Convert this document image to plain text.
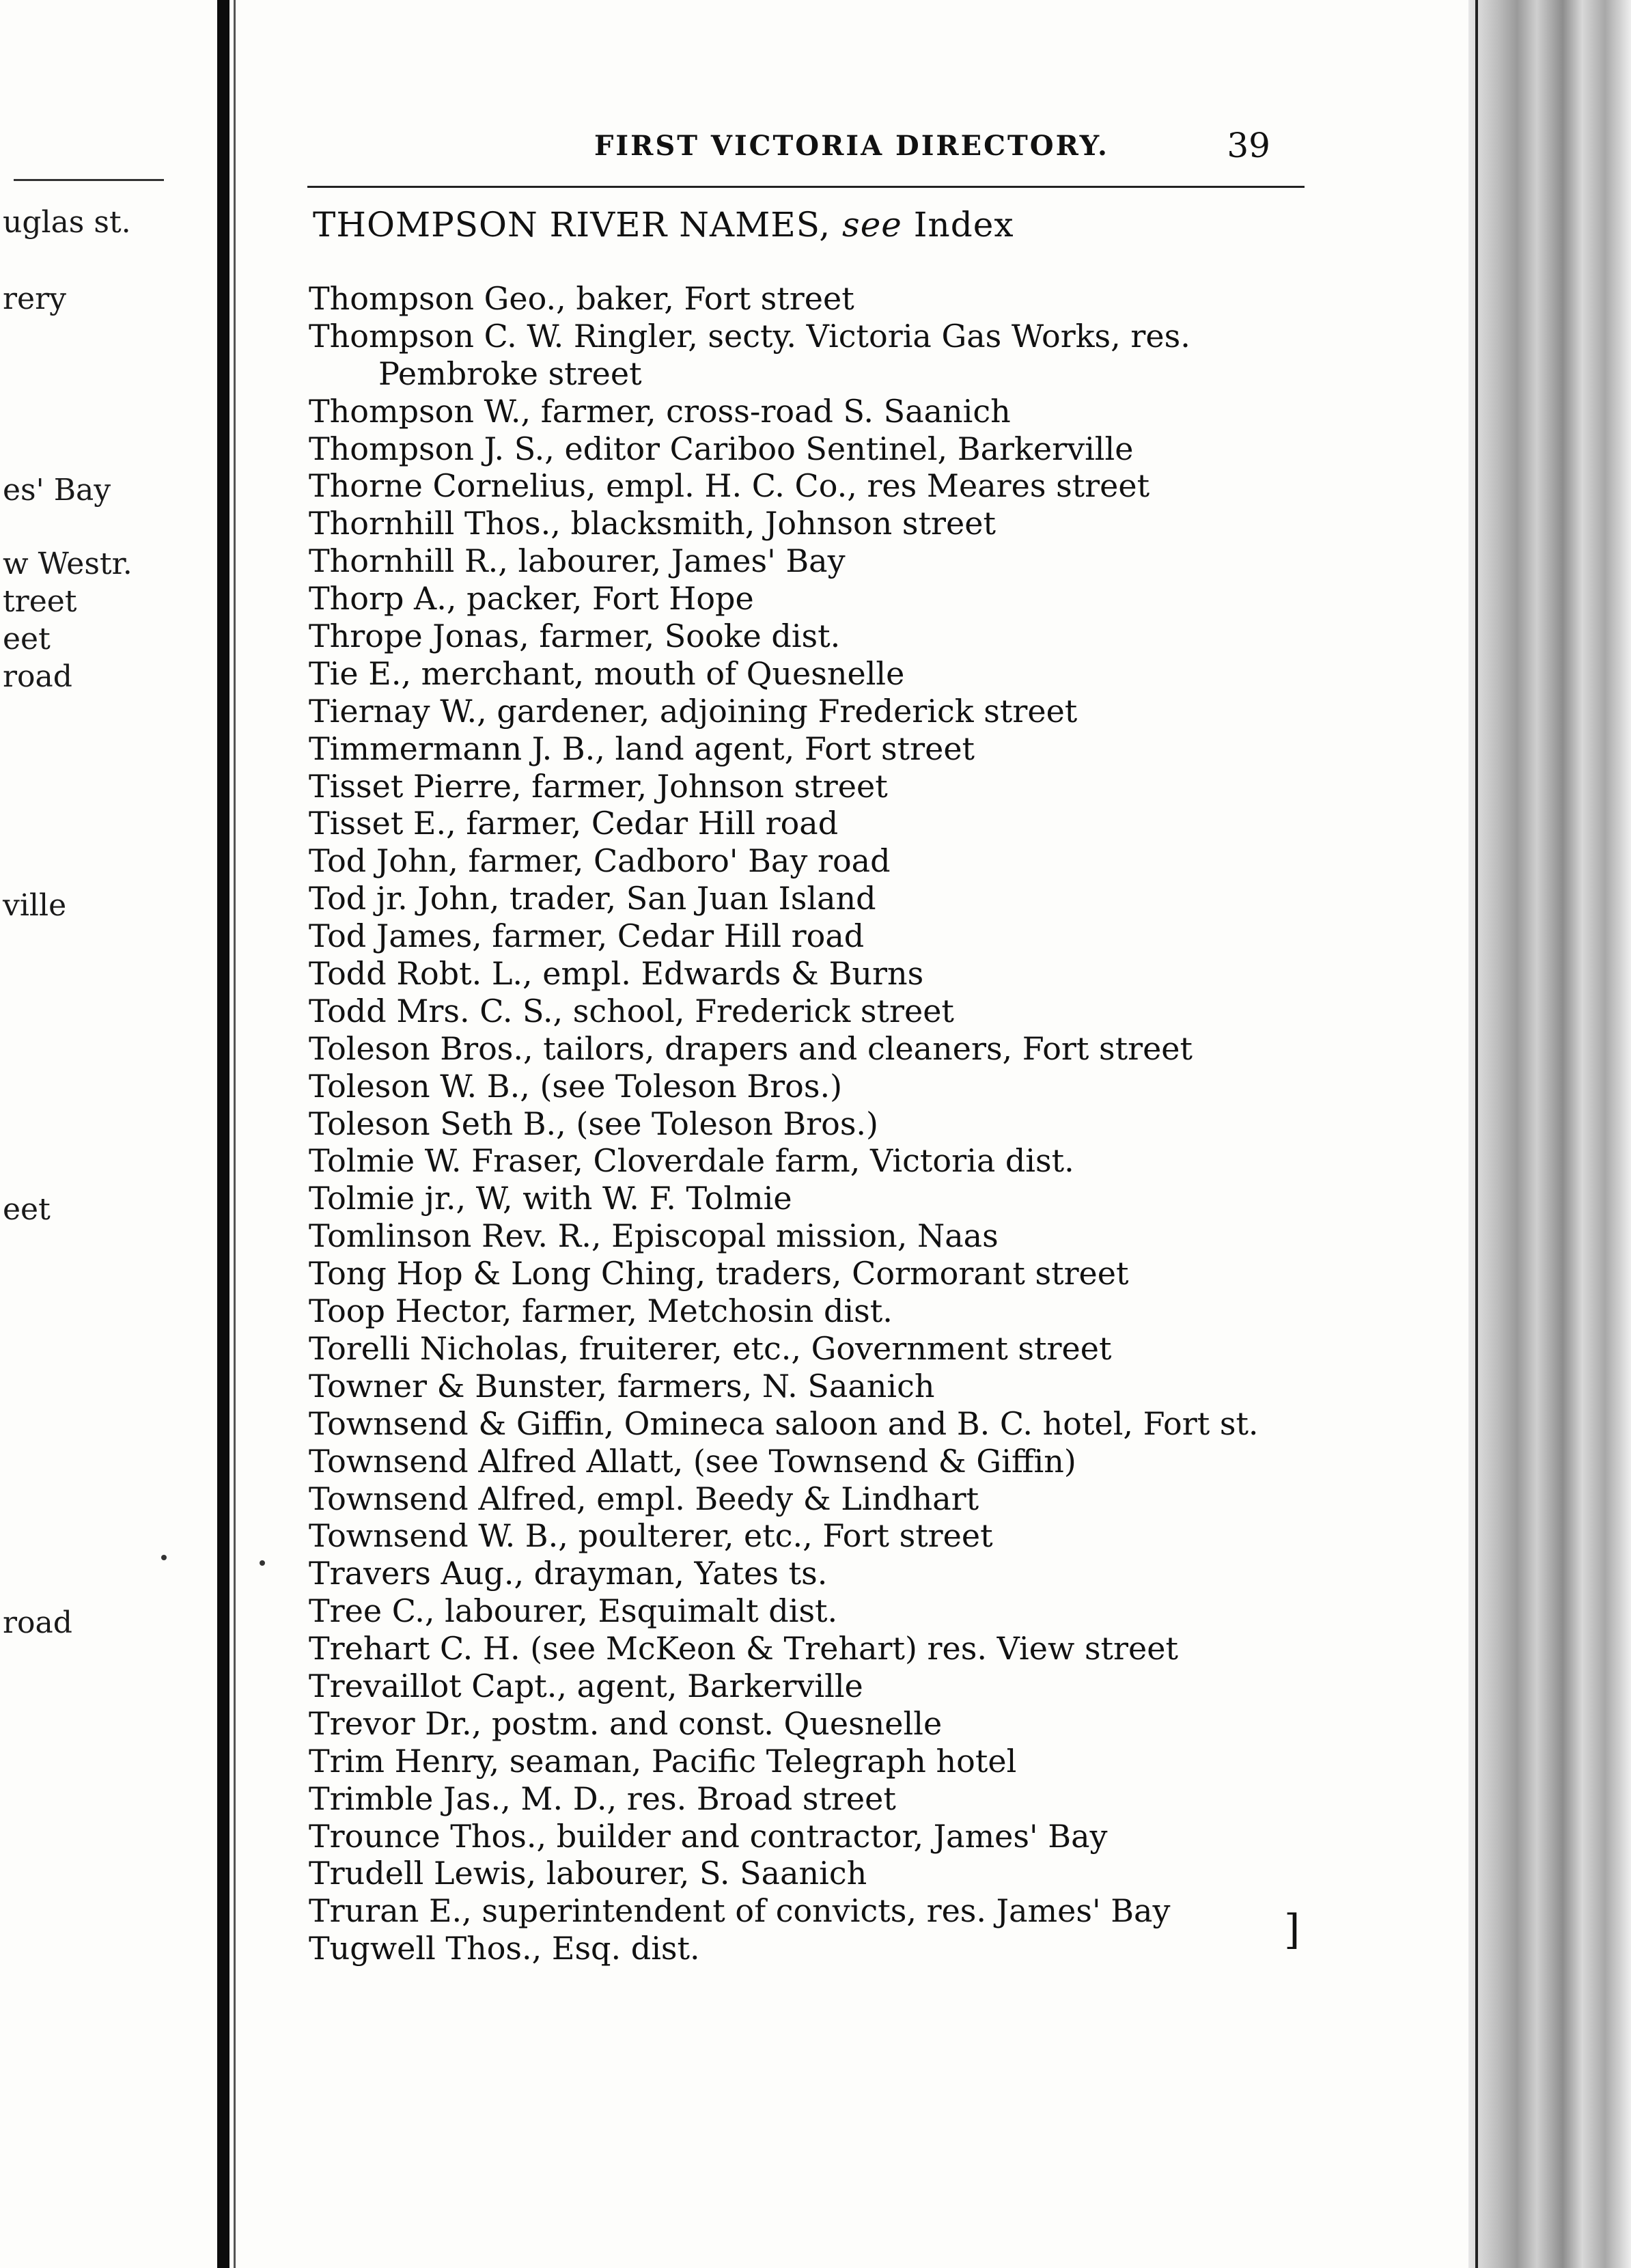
uglas st.
rery
es' Bay
w Westr.
treet
eet
road
ville
eet
road
FIRST VICTORIA DIRECTORY.	39
THOMPSON RIVER NAMES, see Index
Thompson Geo., baker, Fort street
Thompson C. W. Ringler, secty. Victoria Gas Works, res.
Pembroke street
Thompson W., farmer, cross-road S. Saanich
Thompson J. S., editor Cariboo Sentinel, Barkerville
Thorne Cornelius, empl. H. C. Co., res Meares street
Thornhill Thos., blacksmith, Johnson street
Thornhill R., labourer, James' Bay
Thorp A., packer, Fort Hope
Thrope Jonas, farmer, Sooke dist.
Tie E., merchant, mouth of Quesnelle
Tiernay W., gardener, adjoining Frederick street
Timmermann J. B., land agent, Fort street
Tisset Pierre, farmer, Johnson street
Tisset E., farmer, Cedar Hill road
Tod John, farmer, Cadboro' Bay road
Tod jr. John, trader, San Juan Island
Tod James, farmer, Cedar Hill road
Todd Robt. L., empl. Edwards & Burns
Todd Mrs. C. S., school, Frederick street
Toleson Bros., tailors, drapers and cleaners, Fort street
Toleson W. B., (see Toleson Bros.)
Toleson Seth B., (see Toleson Bros.)
Tolmie W. Fraser, Cloverdale farm, Victoria dist.
Tolmie jr., W, with W. F. Tolmie
Tomlinson Rev. R., Episcopal mission, Naas
Tong Hop & Long Ching, traders, Cormorant street
Toop Hector, farmer, Metchosin dist.
Torelli Nicholas, fruiterer, etc., Government street
Towner & Bunster, farmers, N. Saanich
Townsend & Giffin, Omineca saloon and B. C. hotel, Fort st.
Townsend Alfred Allatt, (see Townsend & Giffin)
Townsend Alfred, empl. Beedy & Lindhart
Townsend W. B., poulterer, etc., Fort street
Travers Aug., drayman, Yates ts.
Tree C., labourer, Esquimalt dist.
Trehart C. H. (see McKeon & Trehart) res. View street
Trevaillot Capt., agent, Barkerville
Trevor Dr., postm. and const. Quesnelle
Trim Henry, seaman, Pacific Telegraph hotel
Trimble Jas., M. D., res. Broad street
Trounce Thos., builder and contractor, James' Bay
Trudell Lewis, labourer, S. Saanich
Truran E., superintendent of convicts, res. James' Bay
Tugwell Thos., Esq. dist.	]
